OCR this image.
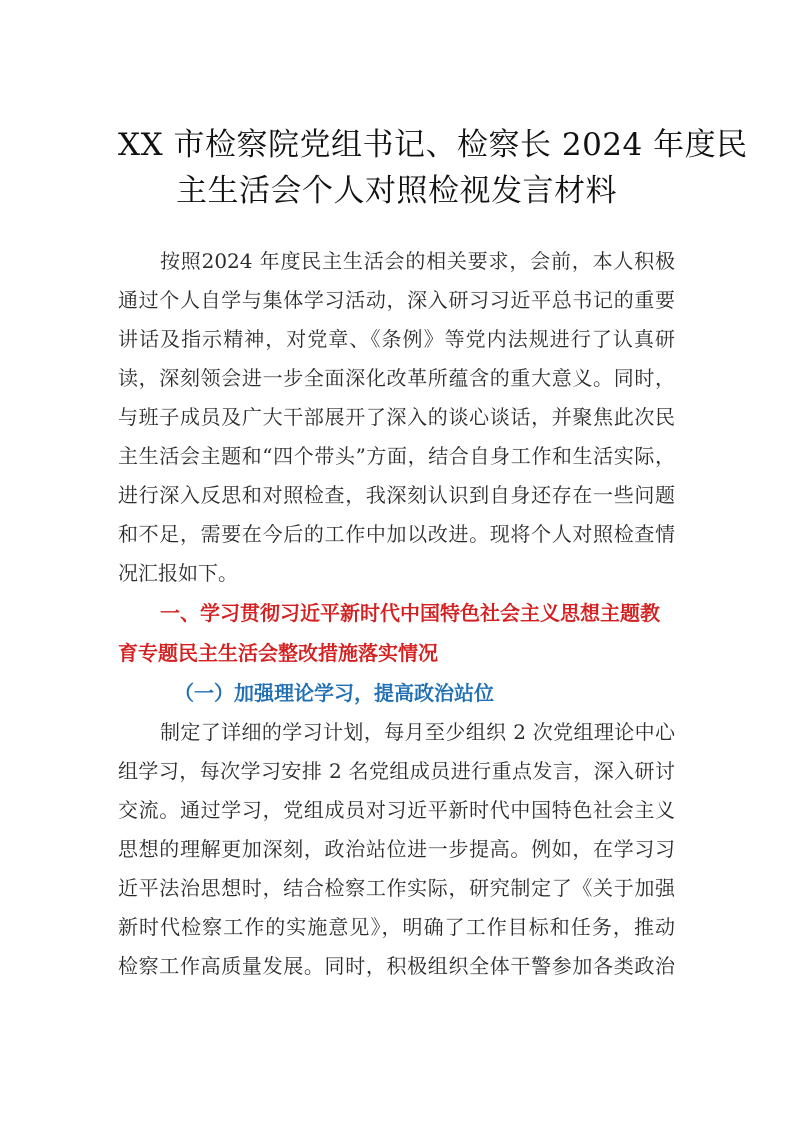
XX 市检察院党组书记、检察长 2024 年度民
主生活会个人对照检视发言材料

按照2024 年度民主生活会的相关要求，会前，本人积极
通过个人自学与集体学习活动，深入研习习近平总书记的重要
讲话及指示精神，对党章、《条例》等党内法规进行了认真研
读，深刻领会进一步全面深化改革所蕴含的重大意义。同时，
与班子成员及广大干部展开了深入的谈心谈话，并聚焦此次民
主生活会主题和“四个带头”方面，结合自身工作和生活实际，
进行深入反思和对照检查，我深刻认识到自身还存在一些问题
和不足，需要在今后的工作中加以改进。现将个人对照检查情
况汇报如下。

一、学习贯彻习近平新时代中国特色社会主义思想主题教
育专题民主生活会整改措施落实情况
（一）加强理论学习，提高政治站位

制定了详细的学习计划，每月至少组织 2 次党组理论中心
组学习，每次学习安排 2 名党组成员进行重点发言，深入研讨
交流。通过学习，党组成员对习近平新时代中国特色社会主义
思想的理解更加深刻，政治站位进一步提高。例如，在学习习
近平法治思想时，结合检察工作实际，研究制定了《关于加强
新时代检察工作的实施意见》，明确了工作目标和任务，推动
检察工作高质量发展。同时，积极组织全体干警参加各类政治
